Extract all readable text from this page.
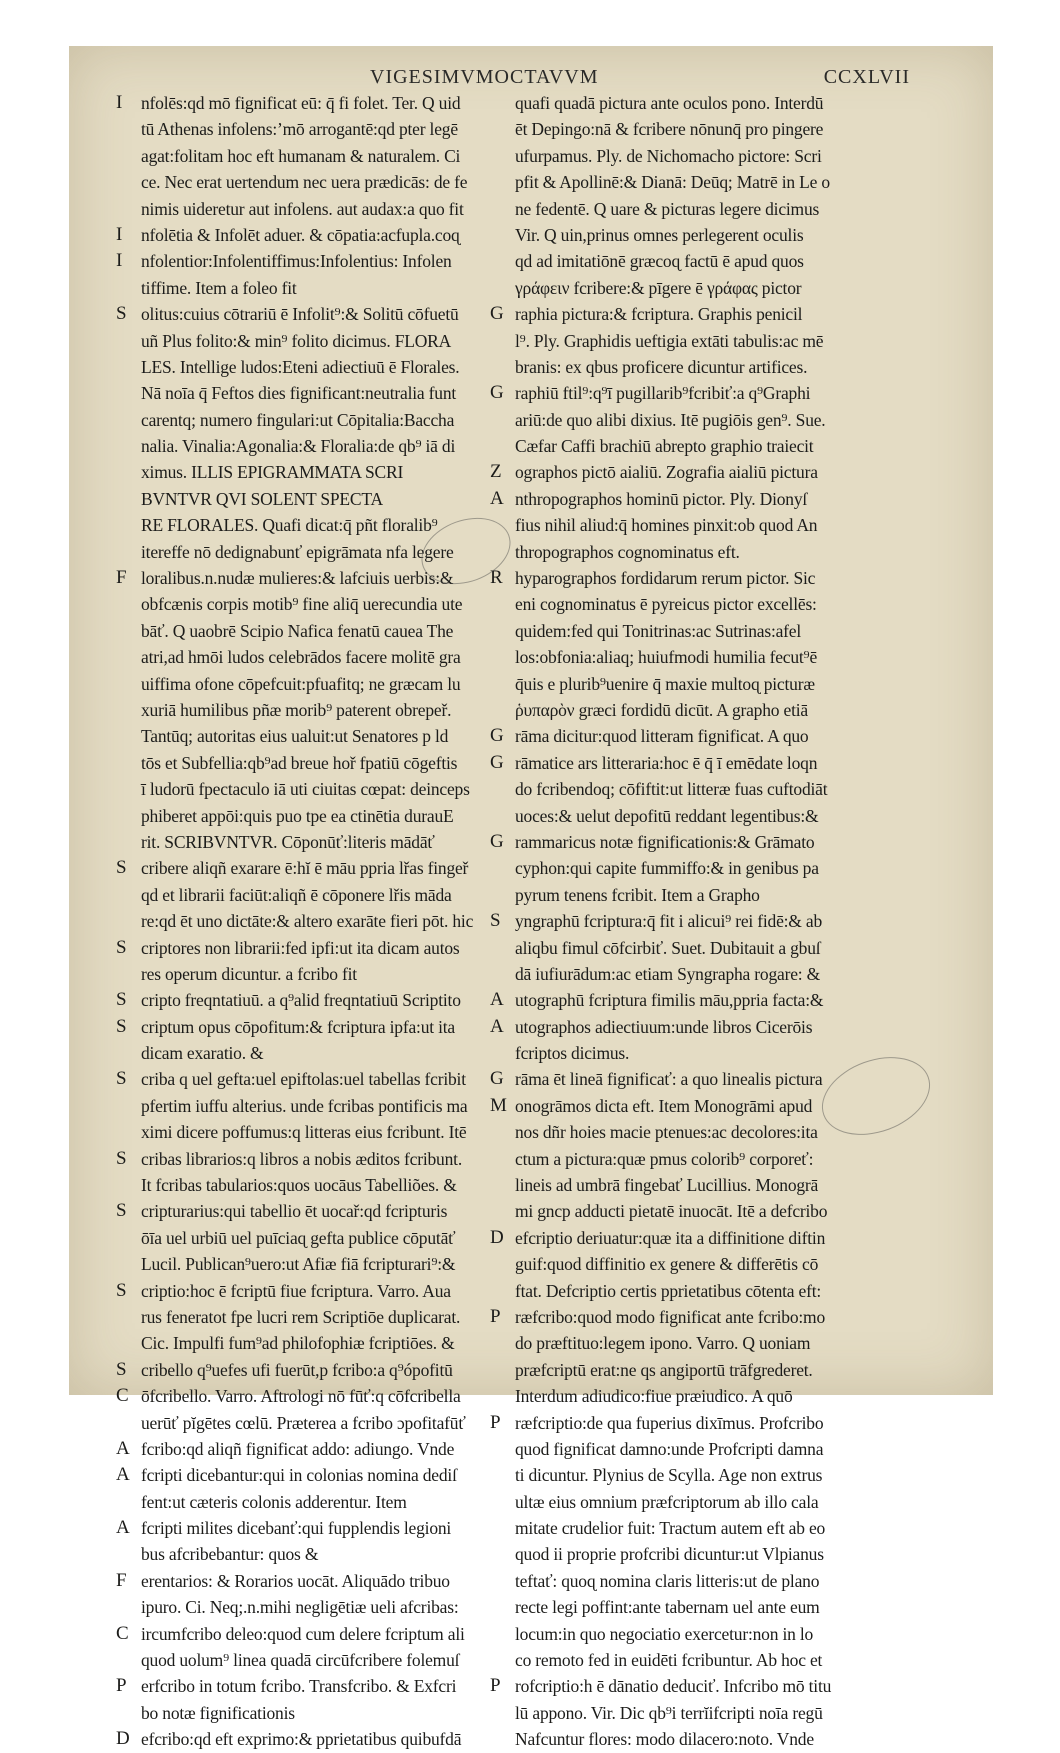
VIGESIMVMOCTAVVM	CCXLVII
I nfolēs:qd mō fignificat eū: q̄ fi folet. Ter. Q uid
tū Athenas infolens:ʼmō arrogantē:qd pter legē
agat:folitam hoc eft humanam & naturalem. Ci
ce. Nec erat uertendum nec uera prædicās: de fe
nimis uideretur aut infolens. aut audax:a quo fit
I nfolētia & Infolēt aduer. & cōpatia:acfupla.coɋ
I nfolentior:Infolentiffimus:Infolentius: Infolen
tiffime. Item a foleo fit
S olitus:cuius cōtrariū ē Infolit⁹:& Solitū cōfuetū
uñ Plus folito:& min⁹ folito dicimus. FLORA
LES. Intellige ludos:Eteni adiectiuū ē Florales.
Nā noīa q̄ Feftos dies fignificant:neutralia funt
carentq; numero fingulari:ut Cōpitalia:Baccha
nalia. Vinalia:Agonalia:& Floralia:de qb⁹ iā di
ximus. ILLIS EPIGRAMMATA SCRI
BVNTVR QVI SOLENT SPECTA
RE FLORALES. Quafi dicat:q̄ pñt floralib⁹
itereffe nō dedignabunť epigrāmata nfa legere
F loralibus.n.nudæ mulieres:& lafciuis uerbis:&
obfcænis corpis motib⁹ fine aliq̄ uerecundia ute
bāť. Q uaobrē Scipio Nafica fenatū cauea The
atri,ad hmōi ludos celebrādos facere molitē gra
uiffima ofone cōpefcuit:pfuafitq; ne græcam lu
xuriā humilibus pñæ morib⁹ paterent obrepeř.
Tantūq; autoritas eius ualuit:ut Senatores p ld
tōs et Subfellia:qb⁹ad breue hoř fpatiū cōgeftis
ī ludorū fpectaculo iā uti ciuitas cœpat: deinceps
phiberet appōi:quis puo tpe ea ctinētia durauE
rit. SCRIBVNTVR. Cōponūť:literis mādāť
S cribere aliqñ exarare ē:hĭ ē māu ppria lřas fingeř
qd et librarii faciūt:aliqñ ē cōponere lřis māda
re:qd ēt uno dictāte:& altero exarāte fieri pōt. hic
S criptores non librarii:fed ipfi:ut ita dicam autos
res operum dicuntur. a fcribo fit
S cripto freqntatiuū. a q⁹alid freqntatiuū Scriptito
S criptum opus cōpofitum:& fcriptura ipfa:ut ita
dicam exaratio. &
S criba q uel gefta:uel epiftolas:uel tabellas fcribit
pfertim iuffu alterius. unde fcribas pontificis ma
ximi dicere poffumus:q litteras eius fcribunt. Itē
S cribas librarios:q libros a nobis æditos fcribunt.
It fcribas tabularios:quos uocāus Tabelliões. &
S cripturarius:qui tabellio ēt uocař:qd fcripturis
ōīa uel urbiū uel puīciaɋ gefta publice cōputāť
Lucil. Publican⁹uero:ut Afiæ fiā fcripturari⁹:&
S criptio:hoc ē fcriptū fiue fcriptura. Varro. Aua
rus feneratot fpe lucri rem Scriptiōe duplicarat.
Cic. Impulfi fum⁹ad philofophiæ fcriptiōes. &
S cribello q⁹uefes ufi fuerūt,p fcribo:a q⁹ópofitū
C ōfcribello. Varro. Aftrologi nō fūť:q cōfcribella
uerūť pĭgētes cœlū. Præterea a fcribo ɔpofitafūť
A fcribo:qd aliqñ fignificat addo: adiungo. Vnde
A fcripti dicebantur:qui in colonias nomina dediſ
fent:ut cæteris colonis adderentur. Item
A fcripti milites dicebanť:qui fupplendis legioni
bus afcribebantur: quos &
F erentarios: & Rorarios uocāt. Aliquādo tribuo
ipuro. Ci. Neq;.n.mihi negligētiæ ueli afcribas:
C ircumfcribo deleo:quod cum delere fcriptum ali
quod uolum⁹ linea quadā circūfcribere folemuſ
P erfcribo in totum fcribo. Transfcribo. & Exfcri
bo notæ fignificationis
D efcribo:qd eft exprimo:& pprietatibus quibufdā
quafi quadā pictura ante oculos pono. Interdū
ēt Depingo:nā & fcribere nōnunq̄ pro pingere
ufurpamus. Ply. de Nichomacho pictore: Scri
pfit & Apollinē:& Dianā: Deūq; Matrē in Le o
ne fedentē. Q uare & picturas legere dicimus
Vir. Q uin,prinus omnes perlegerent oculis
qd ad imitatiōnē græcoɋ factū ē apud quos
γράφειν fcribere:& pīgere ē γράφας pictor
G raphia pictura:& fcriptura. Graphis penicil
l⁹. Ply. Graphidis ueftigia extāti tabulis:ac mē
branis: ex qbus proficere dicuntur artifices.
G raphiū ftil⁹:q⁹ī pugillarib⁹fcribiť:a q⁹Graphi
ariū:de quo alibi dixius. Itē pugiōis gen⁹. Sue.
Cæfar Caffi brachiū abrepto graphio traiecit
Z ographos pictō aialiū. Zografia aialiū pictura
A nthropographos hominū pictor. Ply. Dionyſ
fius nihil aliud:q̄ homines pinxit:ob quod An
thropographos cognominatus eft.
R hyparographos fordidarum rerum pictor. Sic
eni cognominatus ē pyreicus pictor excellēs:
quidem:fed qui Tonitrinas:ac Sutrinas:afel
los:obfonia:aliaq; huiufmodi humilia fecut⁹ē
q̄uis e plurib⁹uenire q̄ maxie multoɋ picturæ
ῥυπαρὸν græci fordidū dicūt. A grapho etiā
G rāma dicitur:quod litteram fignificat. A quo
G rāmatice ars litteraria:hoc ē q̄ ī emēdate loqn
do fcribendoq; cōfiftit:ut litteræ fuas cuftodiāt
uoces:& uelut depofitū reddant legentibus:&
G rammaricus notæ fignificationis:& Grāmato
cyphon:qui capite fummiffo:& in genibus pa
pyrum tenens fcribit. Item a Grapho
S yngraphū fcriptura:q̄ fit i alicui⁹ rei fidē:& ab
aliqbu fimul cōfcirbiť. Suet. Dubitauit a gbuſ
dā iufiurādum:ac etiam Syngrapha rogare: &
A utographū fcriptura fimilis māu,ppria facta:&
A utographos adiectiuum:unde libros Cicerōis
fcriptos dicimus.
G rāma ēt lineā fignificať: a quo linealis pictura
M onogrāmos dicta eft. Item Monogrāmi apud
nos dñr hoies macie ptenues:ac decolores:ita
ctum a pictura:quæ pmus colorib⁹ corporeť:
lineis ad umbrā fingebať Lucillius. Monogrā
mi gncp adducti pietatē inuocāt. Itē a defcribo
D efcriptio deriuatur:quæ ita a diffinitione diftin
guif:quod diffinitio ex genere & differētis cō
ftat. Defcriptio certis pprietatibus cōtenta eft:
P ræfcribo:quod modo fignificat ante fcribo:mo
do præftituo:legem ipono. Varro. Q uoniam
præfcriptū erat:ne qs angiportū trāfgrederet.
Interdum adiudico:fiue præiudico. A quō
P ræfcriptio:de qua fuperius dixīmus. Profcribo
quod fignificat damno:unde Profcripti damna
ti dicuntur. Plynius de Scylla. Age non extrus
ultæ eius omnium præfcriptorum ab illo cala
mitate crudelior fuit: Tractum autem eft ab eo
quod ii proprie profcribi dicuntur:ut Vlpianus
teftať: quoɋ nomina claris litteris:ut de plano
recte legi poffint:ante tabernam uel ante eum
locum:in quo negociatio exercetur:non in lo
co remoto fed in euidēti fcribuntur. Ab hoc et
P rofcriptio:h ē dānatio deduciť. Infcribo mō titu
lū appono. Vir. Dic qb⁹i terrĭifcripti noīa regū
Nafcuntur flores: modo dilacero:noto. Vnde
